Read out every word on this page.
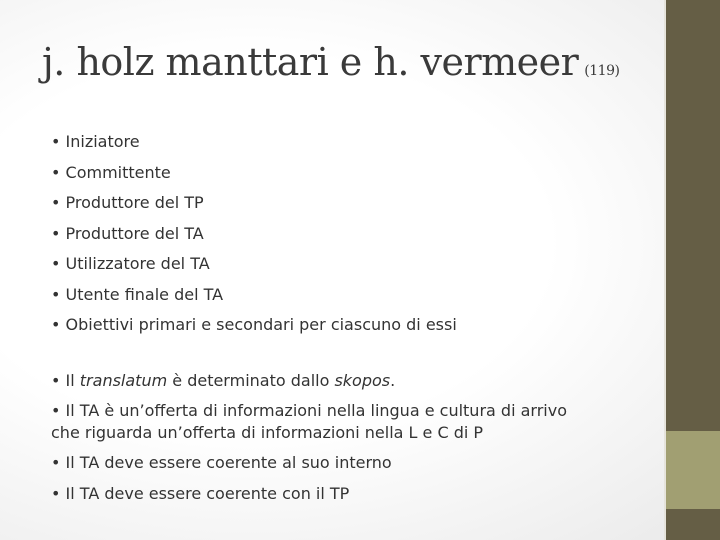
j. holz manttari e h. vermeer (119)

• Iniziatore

• Committente

• Produttore del TP

• Produttore del TA

• Utilizzatore del TA

• Utente finale del TA

• Obiettivi primari e secondari per ciascuno di essi

• Il translatum è determinato dallo skopos.

• Il TA è un’offerta di informazioni nella lingua e cultura di arrivo

che riguarda un’offerta di informazioni nella L e C di P

• Il TA deve essere coerente al suo interno

• Il TA deve essere coerente con il TP
